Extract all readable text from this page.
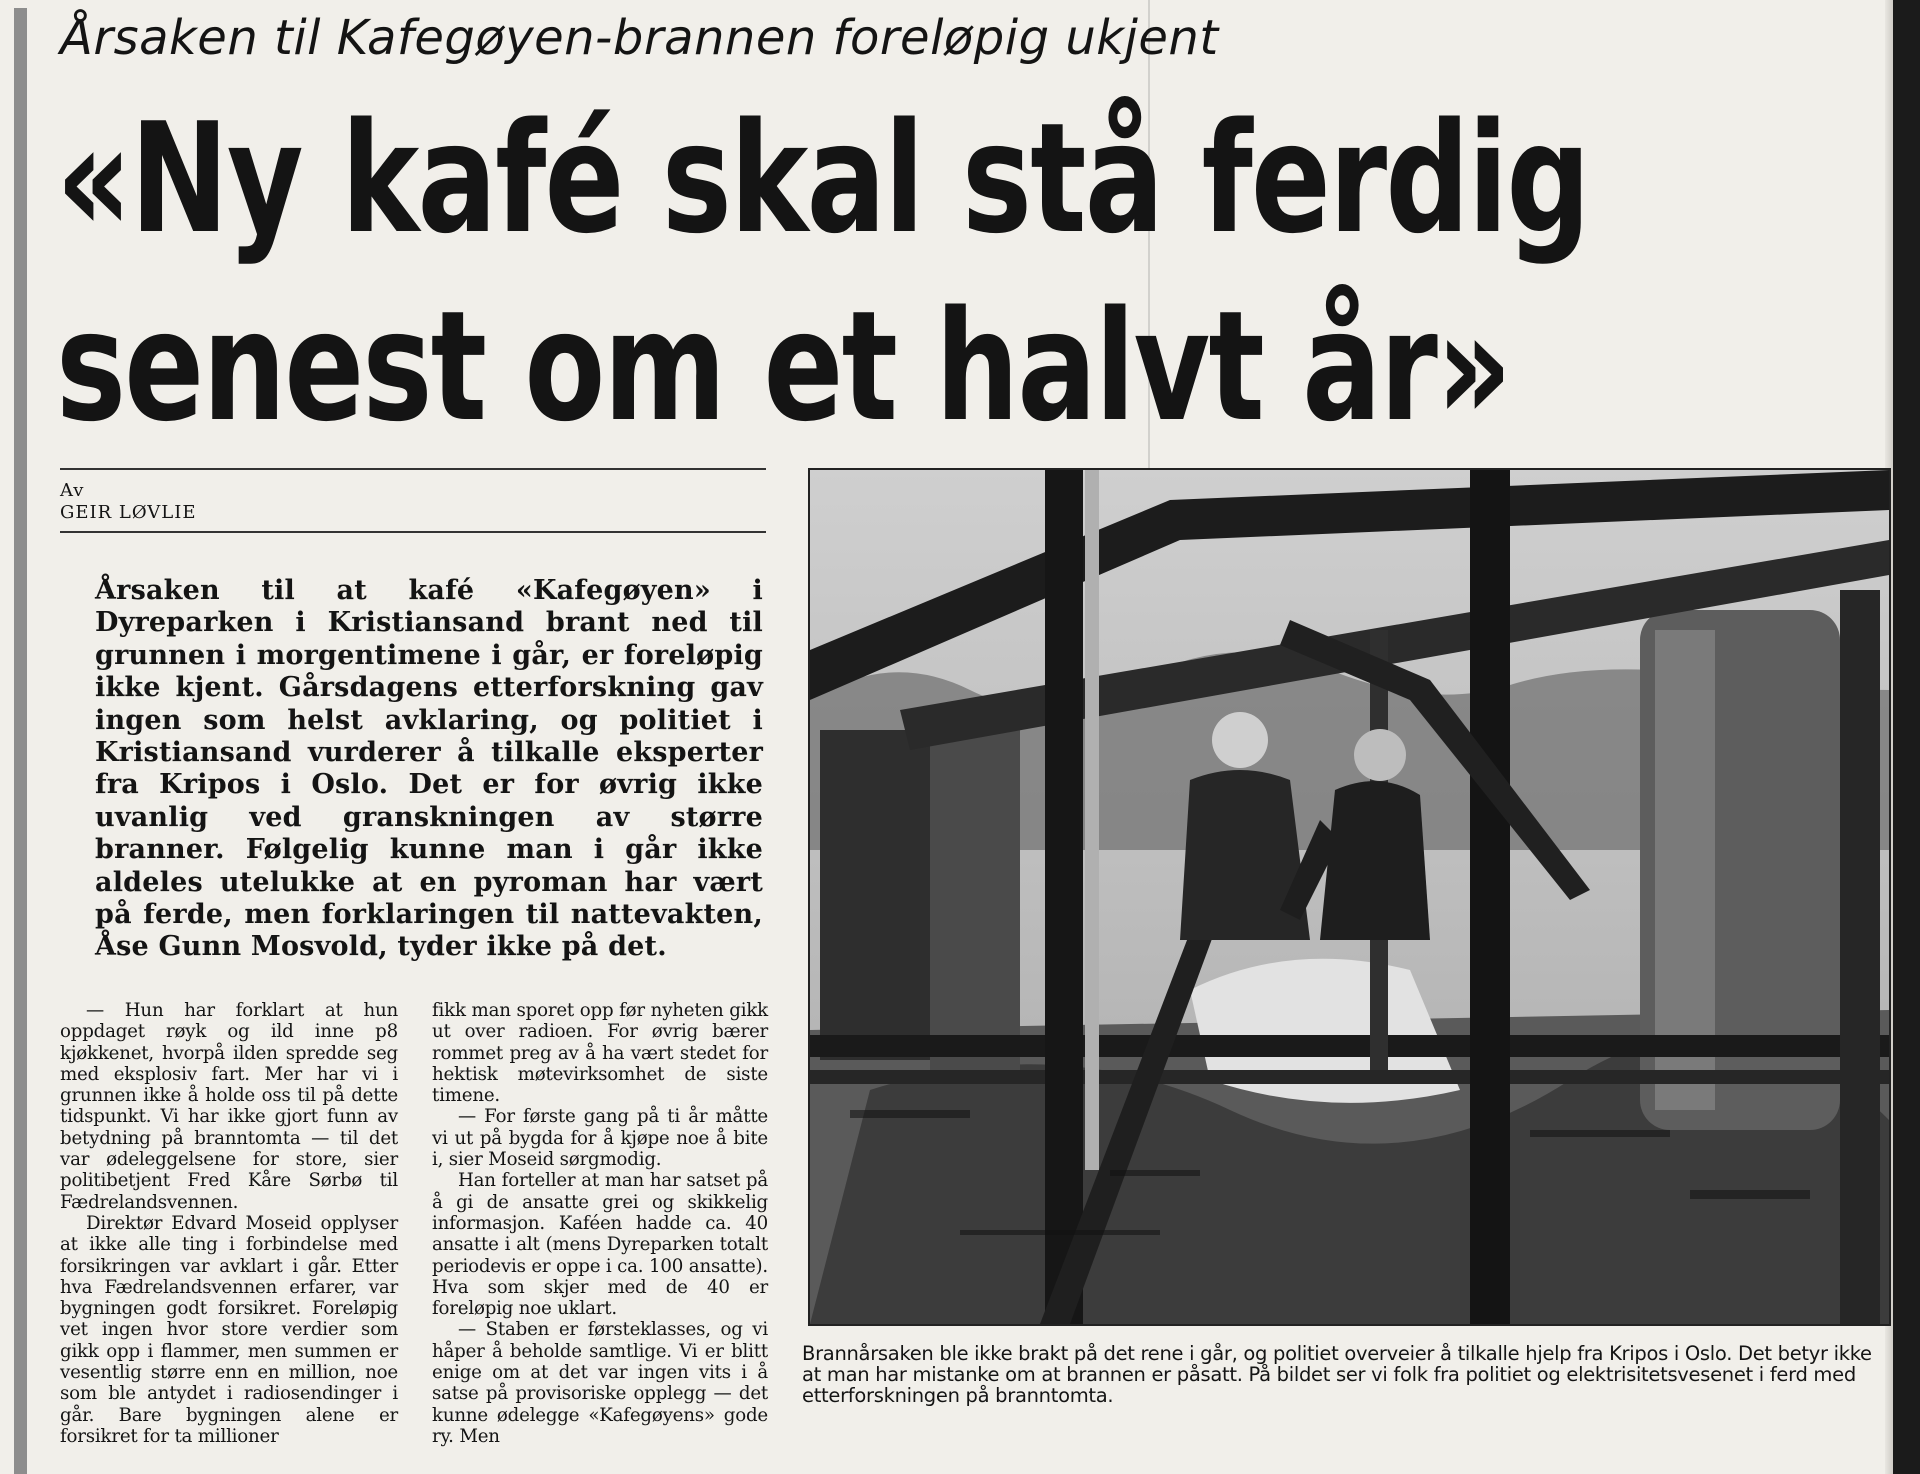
Årsaken til Kafegøyen-brannen foreløpig ukjent
«Ny kafé skal stå ferdig
senest om et halvt år»
Av
GEIR LØVLIE

Årsaken til at kafé «Kafegøyen» i Dyreparken i Kristiansand brant ned til grunnen i morgentimene i går, er foreløpig ikke kjent. Gårsdagens etterforskning gav ingen som helst avklaring, og politiet i Kristiansand vurderer å tilkalle eksperter fra Kripos i Oslo. Det er for øvrig ikke uvanlig ved granskningen av større branner. Følgelig kunne man i går ikke aldeles utelukke at en pyroman har vært på ferde, men forklaringen til nattevakten, Åse Gunn Mosvold, tyder ikke på det.

— Hun har forklart at hun oppdaget røyk og ild inne p8 kjøkkenet, hvorpå ilden spredde seg med eksplosiv fart. Mer har vi i grunnen ikke å holde oss til på dette tidspunkt. Vi har ikke gjort funn av betydning på branntomta — til det var ødeleggelsene for store, sier politibetjent Fred Kåre Sørbø til Fædrelandsvennen.

Direktør Edvard Moseid opplyser at ikke alle ting i forbindelse med forsikringen var avklart i går. Etter hva Fædrelandsvennen erfarer, var bygningen godt forsikret. Foreløpig vet ingen hvor store verdier som gikk opp i flammer, men summen er vesentlig større enn en million, noe som ble antydet i radiosendinger i går. Bare bygningen alene er forsikret for ta millioner

fikk man sporet opp før nyheten gikk ut over radioen. For øvrig bærer rommet preg av å ha vært stedet for hektisk møtevirksomhet de siste timene.

— For første gang på ti år måtte vi ut på bygda for å kjøpe noe å bite i, sier Moseid sørgmodig.

Han forteller at man har satset på å gi de ansatte grei og skikkelig informasjon. Kaféen hadde ca. 40 ansatte i alt (mens Dyreparken totalt periodevis er oppe i ca. 100 ansatte). Hva som skjer med de 40 er foreløpig noe uklart.

— Staben er førsteklasses, og vi håper å beholde samtlige. Vi er blitt enige om at det var ingen vits i å satse på provisoriske opplegg — det kunne ødelegge «Kafegøyens» gode ry. Men

Brannårsaken ble ikke brakt på det rene i går, og politiet overveier å tilkalle hjelp fra Kripos i Oslo. Det betyr ikke at man har mistanke om at brannen er påsatt. På bildet ser vi folk fra politiet og elektrisitetsvesenet i ferd med etterforskningen på branntomta.
